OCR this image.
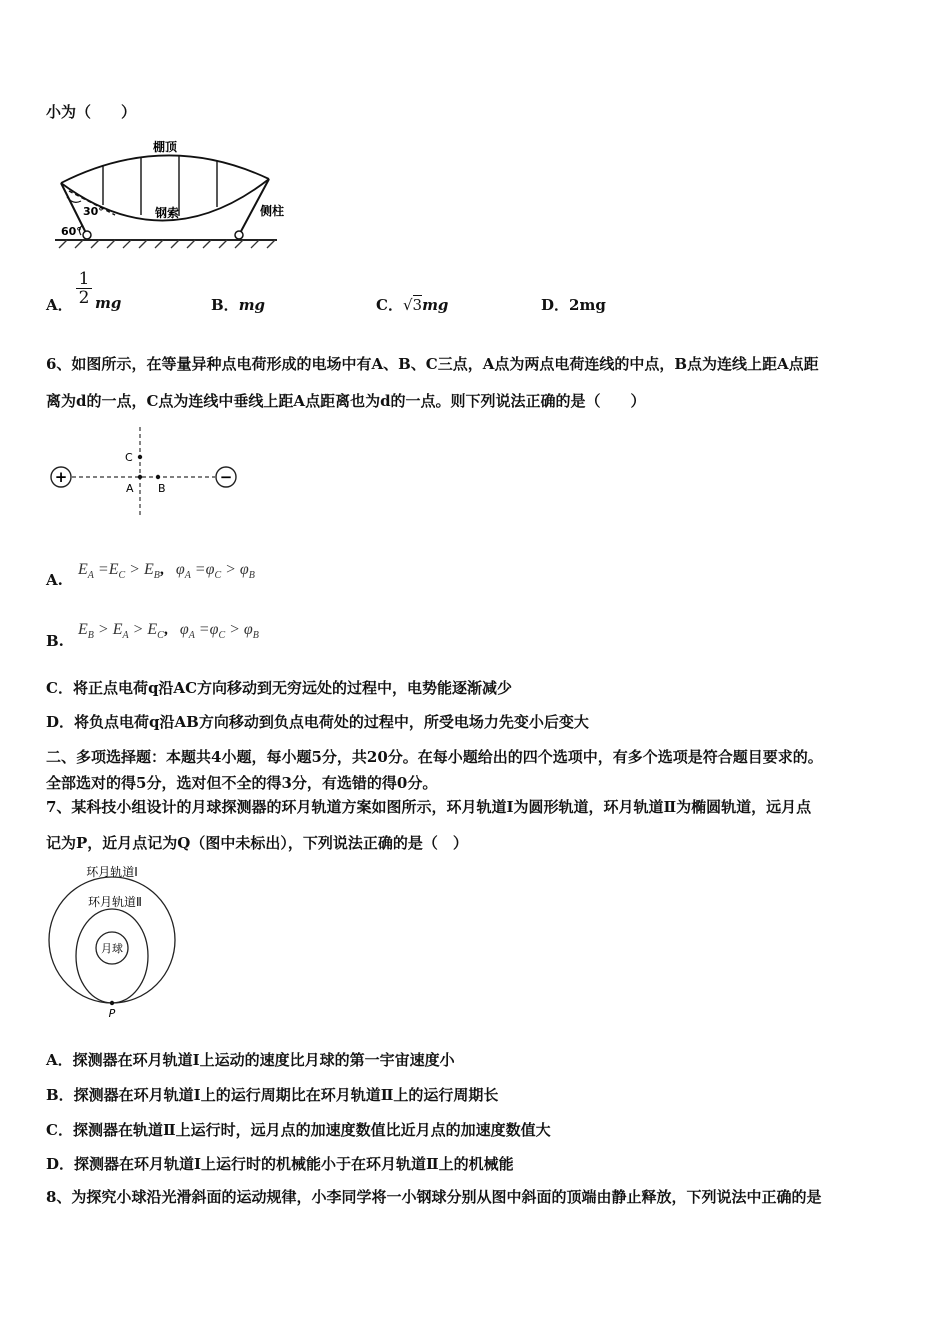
小为（　　）
棚顶
钢索	侧柱
30°
60°
A． $\frac{1}{2}$ mg	B．mg	C．√3mg	D．2mg
6、如图所示，在等量异种点电荷形成的电场中有A、B、C三点，A点为两点电荷连线的中点，B点为连线上距A点距
离为d的一点，C点为连线中垂线上距A点距离也为d的一点。则下列说法正确的是（　　）
+	−
C
A B
A.
$E_A =E_C > E_B$,   $\varphi_A =\varphi_C > \varphi_B$
B.
$E_B > E_A > E_C$,   $\varphi_A =\varphi_C > \varphi_B$
C．将正点电荷q沿AC方向移动到无穷远处的过程中，电势能逐渐减少
D．将负点电荷q沿AB方向移动到负点电荷处的过程中，所受电场力先变小后变大
二、多项选择题：本题共4小题，每小题5分，共20分。在每小题给出的四个选项中，有多个选项是符合题目要求的。
全部选对的得5分，选对但不全的得3分，有选错的得0分。
7、某科技小组设计的月球探测器的环月轨道方案如图所示，环月轨道Ⅰ为圆形轨道，环月轨道Ⅱ为椭圆轨道，远月点
记为P，近月点记为Q（图中未标出），下列说法正确的是（　）
环月轨道Ⅰ
环月轨道Ⅱ
月球
P
A．探测器在环月轨道Ⅰ上运动的速度比月球的第一宇宙速度小
B．探测器在环月轨道Ⅰ上的运行周期比在环月轨道Ⅱ上的运行周期长
C．探测器在轨道Ⅱ上运行时，远月点的加速度数值比近月点的加速度数值大
D．探测器在环月轨道Ⅰ上运行时的机械能小于在环月轨道Ⅱ上的机械能
8、为探究小球沿光滑斜面的运动规律，小李同学将一小钢球分别从图中斜面的顶端由静止释放，下列说法中正确的是
